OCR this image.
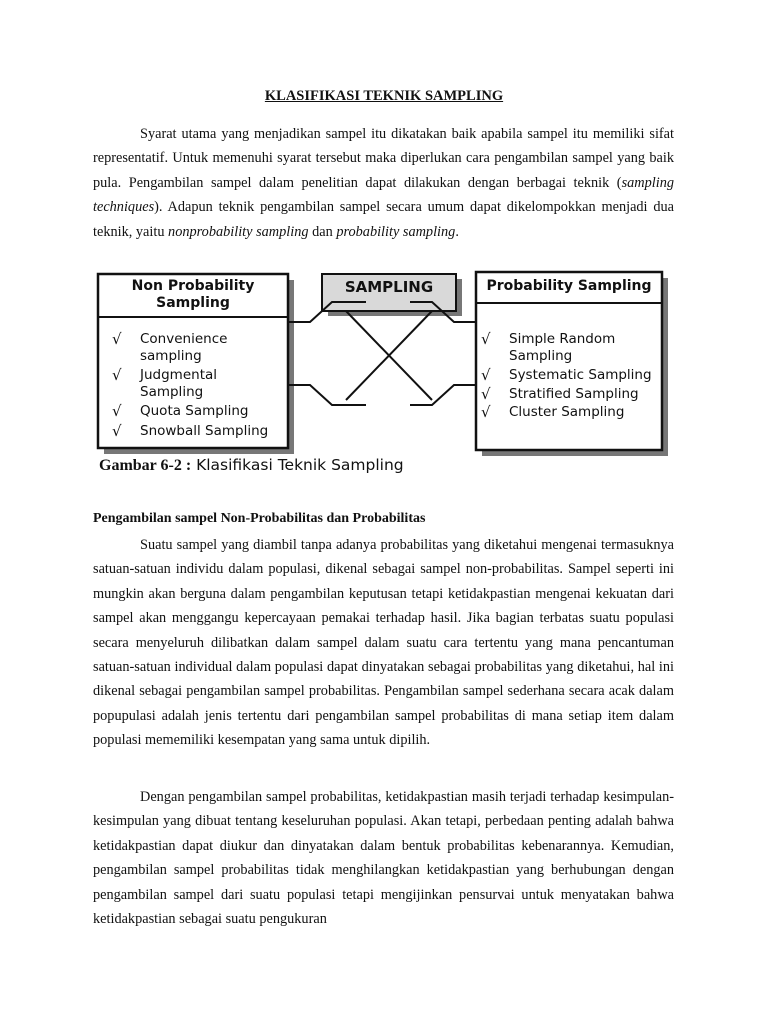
KLASIFIKASI TEKNIK SAMPLING

Syarat utama yang menjadikan sampel itu dikatakan baik apabila sampel itu memiliki sifat representatif. Untuk memenuhi syarat tersebut maka diperlukan cara pengambilan sampel yang baik pula. Pengambilan sampel dalam penelitian dapat dilakukan dengan berbagai teknik (sampling techniques). Adapun teknik pengambilan sampel secara umum dapat dikelompokkan menjadi dua teknik, yaitu nonprobability sampling dan probability sampling.

SAMPLING
Non Probability
Sampling
√ Convenience
sampling
√ Judgmental
Sampling
√ Quota Sampling
√ Snowball Sampling
Probability Sampling
√ Simple Random
Sampling
√ Systematic Sampling
√ Stratified Sampling
√ Cluster Sampling
Gambar 6-2 : Klasifikasi Teknik Sampling
Pengambilan sampel Non-Probabilitas dan Probabilitas

Suatu sampel yang diambil tanpa adanya probabilitas yang diketahui mengenai termasuknya satuan-satuan individu dalam populasi, dikenal sebagai sampel non-probabilitas. Sampel seperti ini mungkin akan berguna dalam pengambilan keputusan tetapi ketidakpastian mengenai kekuatan dari sampel akan menggangu kepercayaan pemakai terhadap hasil. Jika bagian terbatas suatu populasi secara menyeluruh dilibatkan dalam sampel dalam suatu cara tertentu yang mana pencantuman satuan-satuan individual dalam populasi dapat dinyatakan sebagai probabilitas yang diketahui, hal ini dikenal sebagai pengambilan sampel probabilitas. Pengambilan sampel sederhana secara acak dalam popupulasi adalah jenis tertentu dari pengambilan sampel probabilitas di mana setiap item dalam populasi mememiliki kesempatan yang sama untuk dipilih.

Dengan pengambilan sampel probabilitas, ketidakpastian masih terjadi terhadap kesimpulan-kesimpulan yang dibuat tentang keseluruhan populasi. Akan tetapi, perbedaan penting adalah bahwa ketidakpastian dapat diukur dan dinyatakan dalam bentuk probabilitas kebenarannya. Kemudian, pengambilan sampel probabilitas tidak menghilangkan ketidakpastian yang berhubungan dengan pengambilan sampel dari suatu populasi tetapi mengijinkan pensurvai untuk menyatakan bahwa ketidakpastian sebagai suatu pengukuran
